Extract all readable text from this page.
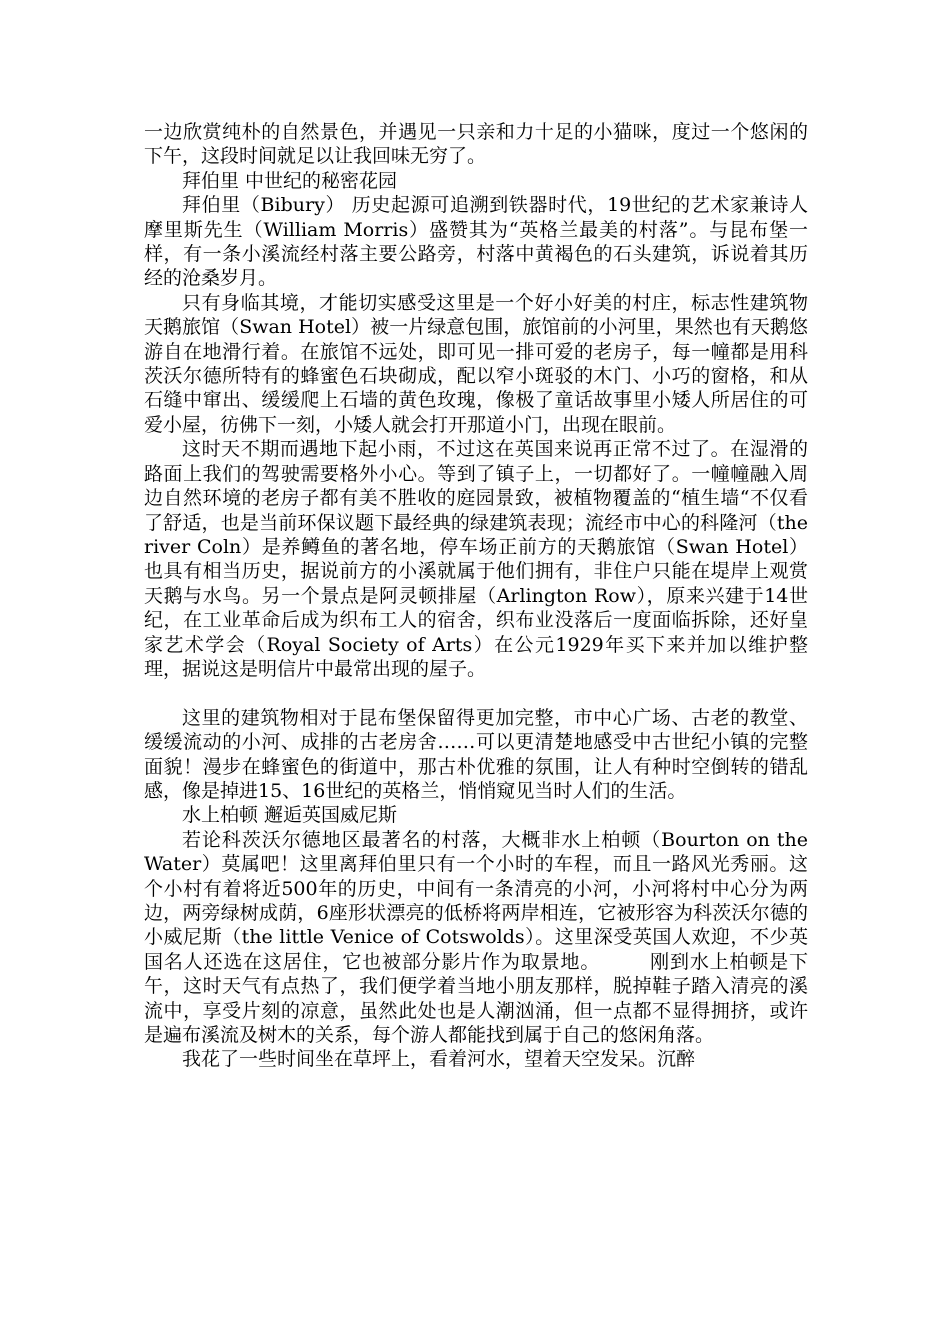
一边欣赏纯朴的自然景色，并遇见一只亲和力十足的小猫咪，度过一个悠闲的下午，这段时间就足以让我回味无穷了。

拜伯里 中世纪的秘密花园

拜伯里（Bibury） 历史起源可追溯到铁器时代，19世纪的艺术家兼诗人摩里斯先生（William Morris）盛赞其为“英格兰最美的村落”。与昆布堡一样，有一条小溪流经村落主要公路旁，村落中黄褐色的石头建筑，诉说着其历经的沧桑岁月。

只有身临其境，才能切实感受这里是一个好小好美的村庄，标志性建筑物天鹅旅馆（Swan Hotel）被一片绿意包围，旅馆前的小河里，果然也有天鹅悠游自在地滑行着。在旅馆不远处，即可见一排可爱的老房子，每一幢都是用科茨沃尔德所特有的蜂蜜色石块砌成，配以窄小斑驳的木门、小巧的窗格，和从石缝中窜出、缓缓爬上石墙的黄色玫瑰，像极了童话故事里小矮人所居住的可爱小屋，彷佛下一刻，小矮人就会打开那道小门，出现在眼前。

这时天不期而遇地下起小雨，不过这在英国来说再正常不过了。在湿滑的路面上我们的驾驶需要格外小心。等到了镇子上，一切都好了。一幢幢融入周边自然环境的老房子都有美不胜收的庭园景致，被植物覆盖的“植生墙“不仅看了舒适，也是当前环保议题下最经典的绿建筑表现；流经市中心的科隆河（the river Coln）是养鳟鱼的著名地，停车场正前方的天鹅旅馆（Swan Hotel）也具有相当历史，据说前方的小溪就属于他们拥有，非住户只能在堤岸上观赏天鹅与水鸟。另一个景点是阿灵顿排屋（Arlington Row），原来兴建于14世纪，在工业革命后成为织布工人的宿舍，织布业没落后一度面临拆除，还好皇家艺术学会（Royal Society of Arts）在公元1929年买下来并加以维护整理，据说这是明信片中最常出现的屋子。

这里的建筑物相对于昆布堡保留得更加完整，市中心广场、古老的教堂、缓缓流动的小河、成排的古老房舍……可以更清楚地感受中古世纪小镇的完整面貌！漫步在蜂蜜色的街道中，那古朴优雅的氛围，让人有种时空倒转的错乱感，像是掉进15、16世纪的英格兰，悄悄窥见当时人们的生活。

水上柏顿 邂逅英国威尼斯

若论科茨沃尔德地区最著名的村落，大概非水上柏顿（Bourton on the Water）莫属吧！这里离拜伯里只有一个小时的车程，而且一路风光秀丽。这个小村有着将近500年的历史，中间有一条清亮的小河，小河将村中心分为两边，两旁绿树成荫，6座形状漂亮的低桥将两岸相连，它被形容为科茨沃尔德的小威尼斯（the little Venice of Cotswolds）。这里深受英国人欢迎，不少英国名人还选在这居住，它也被部分影片作为取景地。　　　刚到水上柏顿是下午，这时天气有点热了，我们便学着当地小朋友那样，脱掉鞋子踏入清亮的溪流中，享受片刻的凉意，虽然此处也是人潮汹涌，但一点都不显得拥挤，或许是遍布溪流及树木的关系，每个游人都能找到属于自己的悠闲角落。

我花了一些时间坐在草坪上，看着河水，望着天空发呆。沉醉
